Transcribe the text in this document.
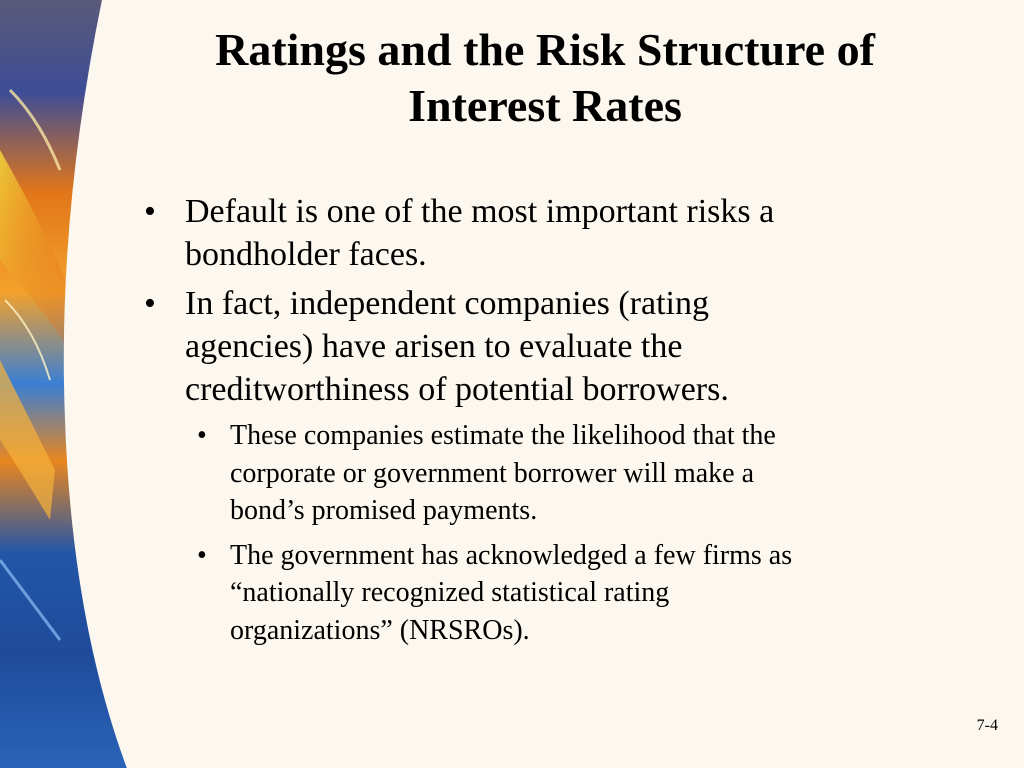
Ratings and the Risk Structure of
Interest Rates
• Default is one of the most important risks a
bondholder faces.
• In fact, independent companies (rating
agencies) have arisen to evaluate the
creditworthiness of potential borrowers.
• These companies estimate the likelihood that the
corporate or government borrower will make a
bond’s promised payments.
• The government has acknowledged a few firms as
“nationally recognized statistical rating
organizations” (NRSROs).
7-4
